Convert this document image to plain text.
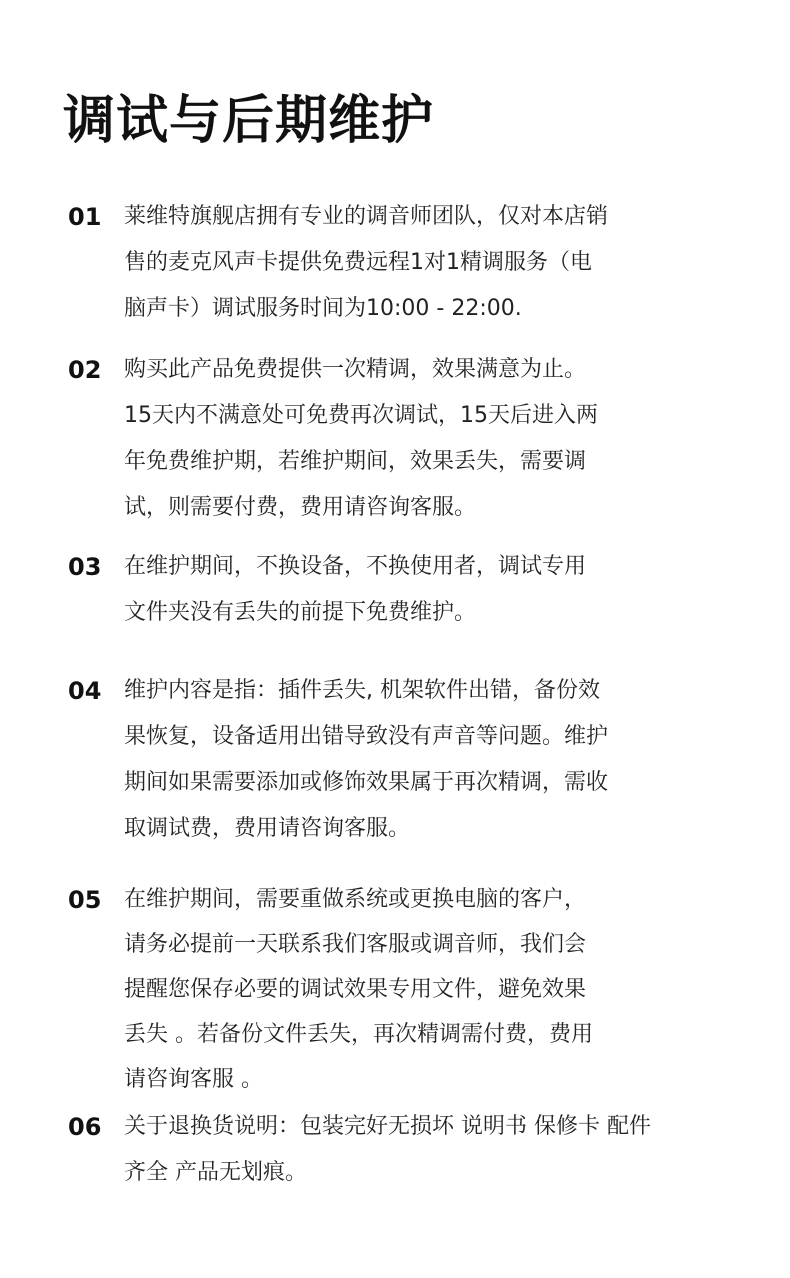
调试与后期维护
01 莱维特旗舰店拥有专业的调音师团队，仅对本店销
售的麦克风声卡提供免费远程1对1精调服务（电
脑声卡）调试服务时间为10:00 - 22:00.
02 购买此产品免费提供一次精调，效果满意为止。
15天内不满意处可免费再次调试，15天后进入两
年免费维护期，若维护期间，效果丢失，需要调
试，则需要付费，费用请咨询客服。
03 在维护期间，不换设备，不换使用者，调试专用
文件夹没有丢失的前提下免费维护。
04 维护内容是指：插件丢失, 机架软件出错，备份效
果恢复，设备适用出错导致没有声音等问题。维护
期间如果需要添加或修饰效果属于再次精调，需收
取调试费，费用请咨询客服。
05 在维护期间，需要重做系统或更换电脑的客户，
请务必提前一天联系我们客服或调音师，我们会
提醒您保存必要的调试效果专用文件，避免效果
丢失 。若备份文件丢失，再次精调需付费，费用
请咨询客服 。
06 关于退换货说明：包装完好无损坏 说明书 保修卡 配件
齐全 产品无划痕。
